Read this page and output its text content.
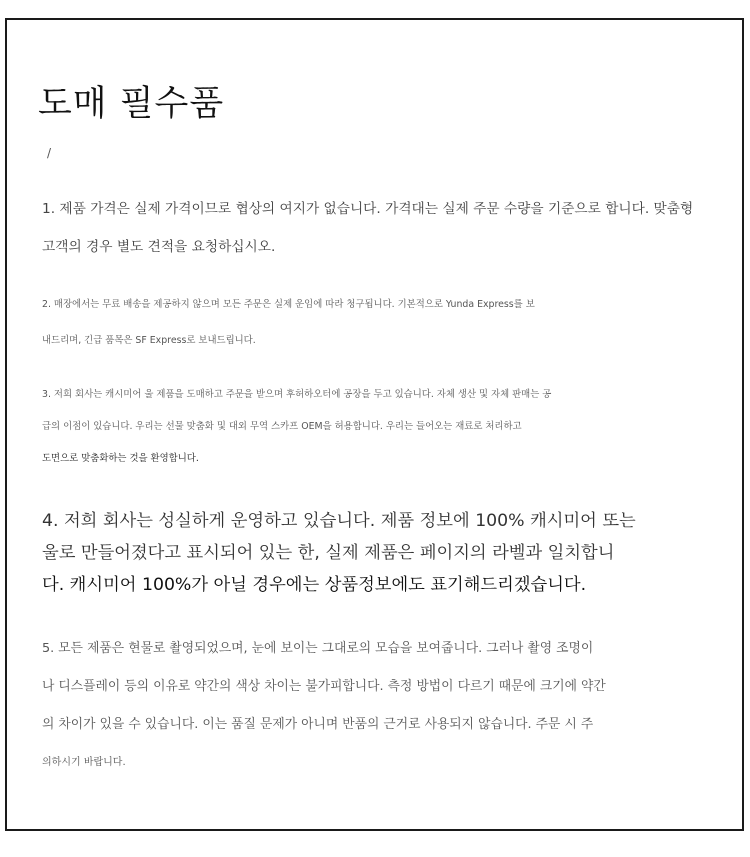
도매 필수품
/

1. 제품 가격은 실제 가격이므로 협상의 여지가 없습니다. 가격대는 실제 주문 수량을 기준으로 합니다. 맞춤형 고객의 경우 별도 견적을 요청하십시오.

2. 매장에서는 무료 배송을 제공하지 않으며 모든 주문은 실제 운임에 따라 청구됩니다. 기본적으로 Yunda Express를 보
내드리며, 긴급 품목은 SF Express로 보내드립니다.

3. 저희 회사는 캐시미어 울 제품을 도매하고 주문을 받으며 후허하오터에 공장을 두고 있습니다. 자체 생산 및 자체 판매는 공
급의 이점이 있습니다. 우리는 선물 맞춤화 및 대외 무역 스카프 OEM을 허용합니다. 우리는 들어오는 재료로 처리하고
도면으로 맞춤화하는 것을 환영합니다.

4. 저희 회사는 성실하게 운영하고 있습니다. 제품 정보에 100% 캐시미어 또는
울로 만들어졌다고 표시되어 있는 한, 실제 제품은 페이지의 라벨과 일치합니
다. 캐시미어 100%가 아닐 경우에는 상품정보에도 표기해드리겠습니다.

5. 모든 제품은 현물로 촬영되었으며, 눈에 보이는 그대로의 모습을 보여줍니다. 그러나 촬영 조명이
나 디스플레이 등의 이유로 약간의 색상 차이는 불가피합니다. 측정 방법이 다르기 때문에 크기에 약간
의 차이가 있을 수 있습니다. 이는 품질 문제가 아니며 반품의 근거로 사용되지 않습니다. 주문 시 주
의하시기 바랍니다.
